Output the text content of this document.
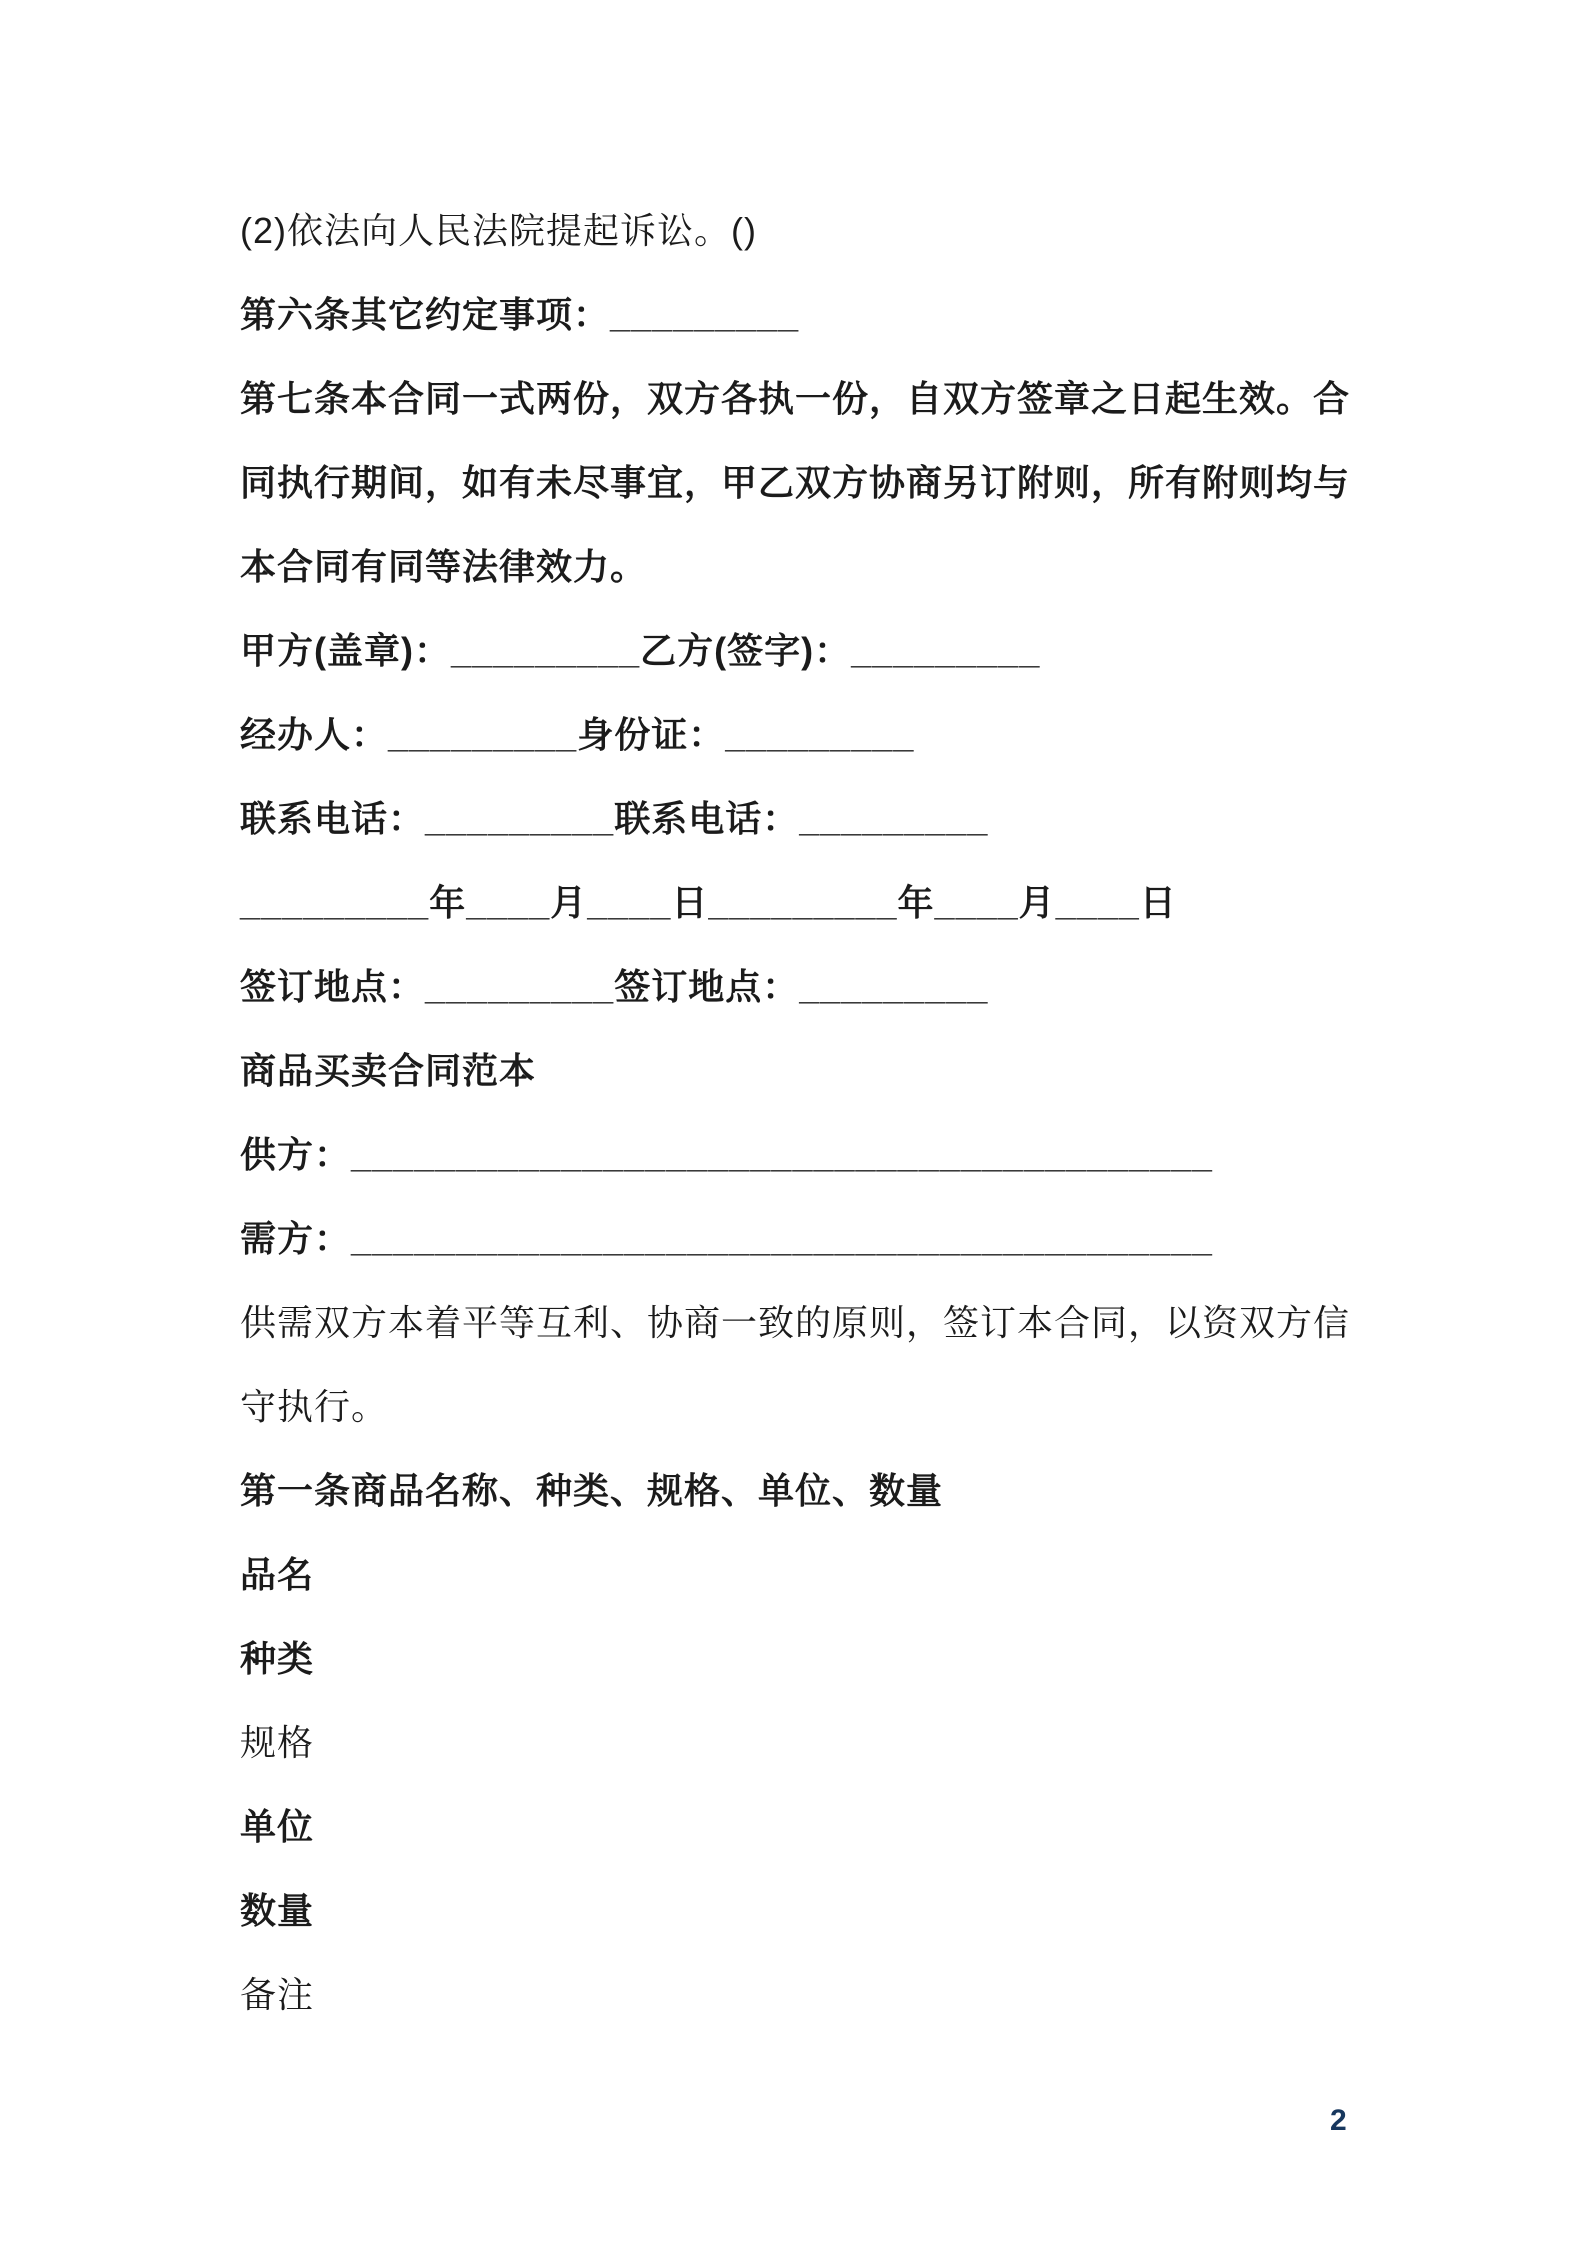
(2)依法向人民法院提起诉讼。()
第六条其它约定事项：_________
第七条本合同一式两份，双方各执一份，自双方签章之日起生效。合
同执行期间，如有未尽事宜，甲乙双方协商另订附则，所有附则均与
本合同有同等法律效力。
甲方(盖章)：_________乙方(签字)：_________
经办人：_________身份证：_________
联系电话：_________联系电话：_________
_________年____月____日_________年____月____日
签订地点：_________签订地点：_________
商品买卖合同范本
供方：_________________________________________
需方：_________________________________________
供需双方本着平等互利、协商一致的原则，签订本合同，以资双方信
守执行。
第一条商品名称、种类、规格、单位、数量
品名
种类
规格
单位
数量
备注
2
